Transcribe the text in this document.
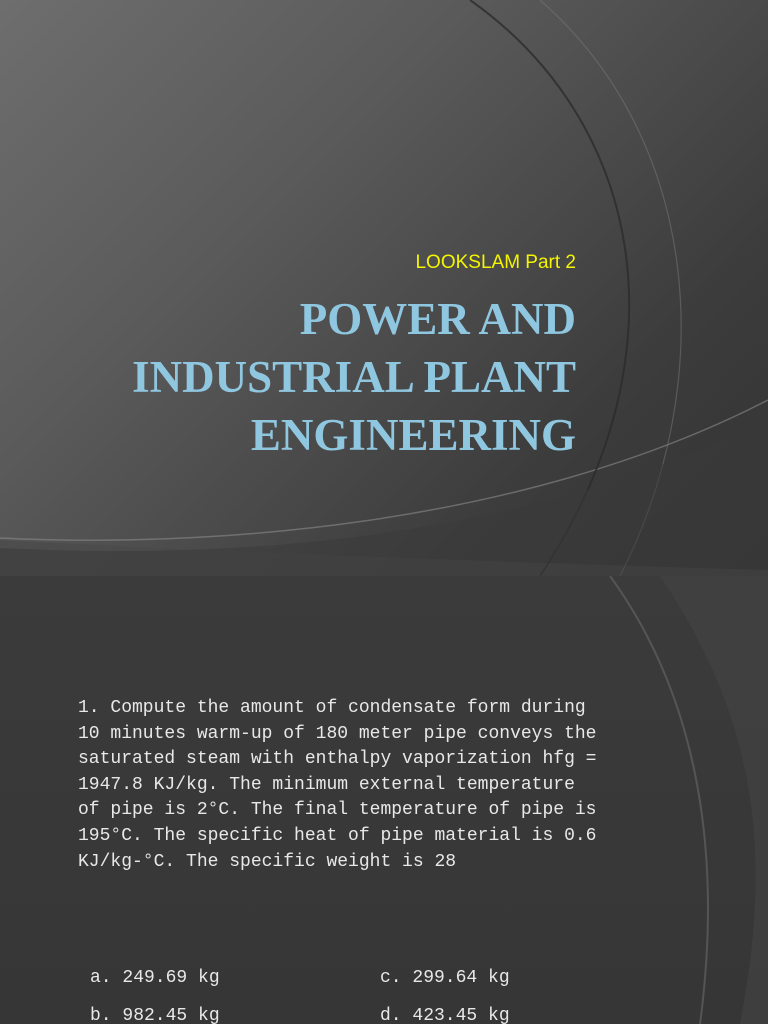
LOOKSLAM Part 2
POWER AND
INDUSTRIAL PLANT
ENGINEERING
1. Compute the amount of condensate form during
10 minutes warm-up of 180 meter pipe conveys the
saturated steam with enthalpy vaporization hfg =
1947.8 KJ/kg. The minimum external temperature
of pipe is 2°C. The final temperature of pipe is
195°C. The specific heat of pipe material is 0.6
KJ/kg-°C. The specific weight is 28
a. 249.69 kg	c. 299.64 kg
b. 982.45 kg	d. 423.45 kg
